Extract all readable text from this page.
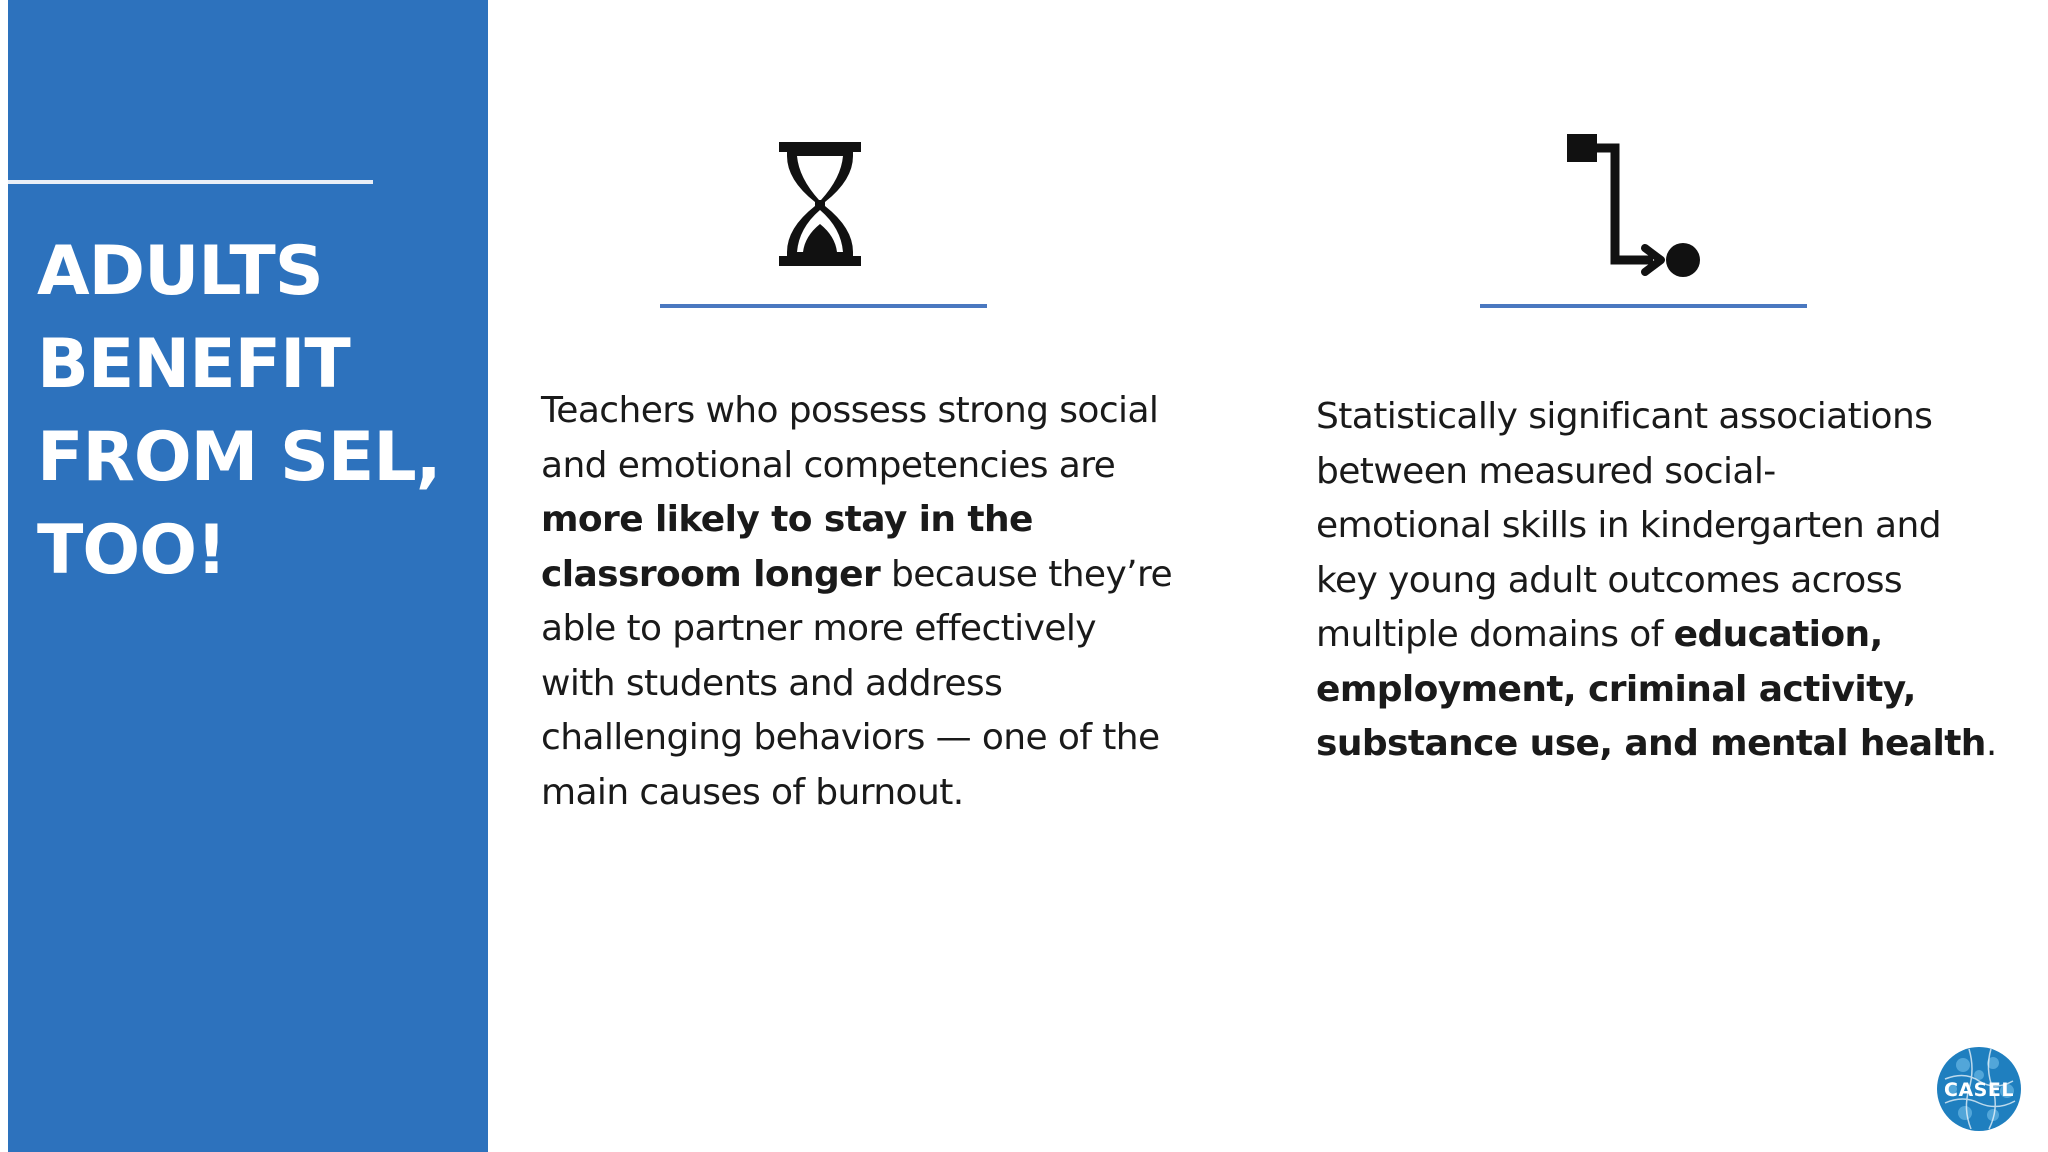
ADULTS
BENEFIT
FROM SEL,
TOO!

Teachers who possess strong social
and emotional competencies are
more likely to stay in the
classroom longer because they’re
able to partner more effectively
with students and address
challenging behaviors — one of the
main causes of burnout.

Statistically significant associations
between measured social-
emotional skills in kindergarten and
key young adult outcomes across
multiple domains of education,
employment, criminal activity,
substance use, and mental health.

CASEL
